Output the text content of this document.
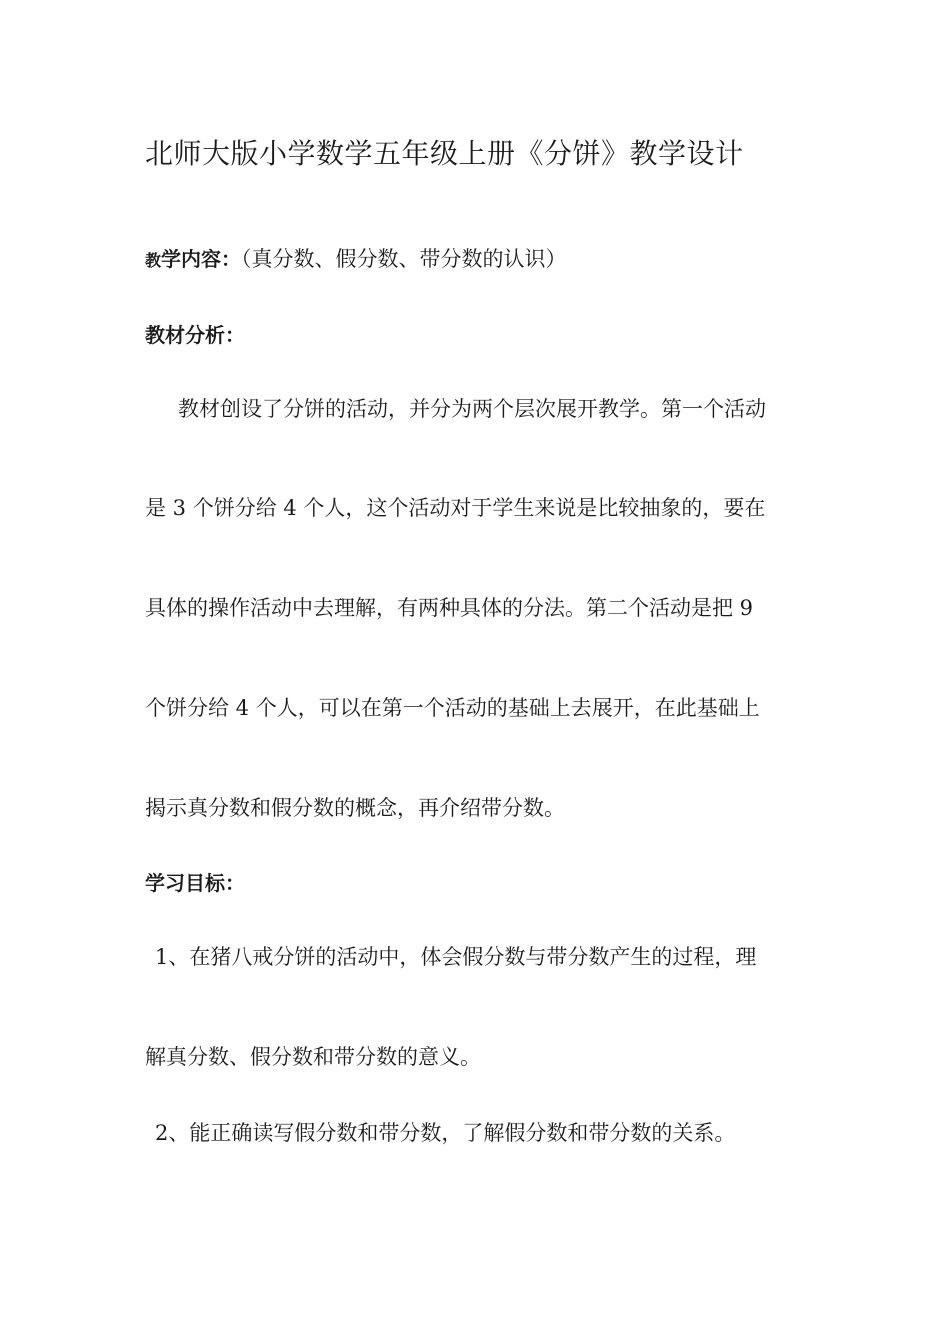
北师大版小学数学五年级上册《分饼》教学设计
教学内容：（真分数、假分数、带分数的认识）
教材分析：
教材创设了分饼的活动，并分为两个层次展开教学。第一个活动
是 3 个饼分给 4 个人，这个活动对于学生来说是比较抽象的，要在
具体的操作活动中去理解，有两种具体的分法。第二个活动是把 9
个饼分给 4 个人，可以在第一个活动的基础上去展开，在此基础上
揭示真分数和假分数的概念，再介绍带分数。
学习目标：
1、在猪八戒分饼的活动中，体会假分数与带分数产生的过程，理
解真分数、假分数和带分数的意义。
2、能正确读写假分数和带分数，了解假分数和带分数的关系。
